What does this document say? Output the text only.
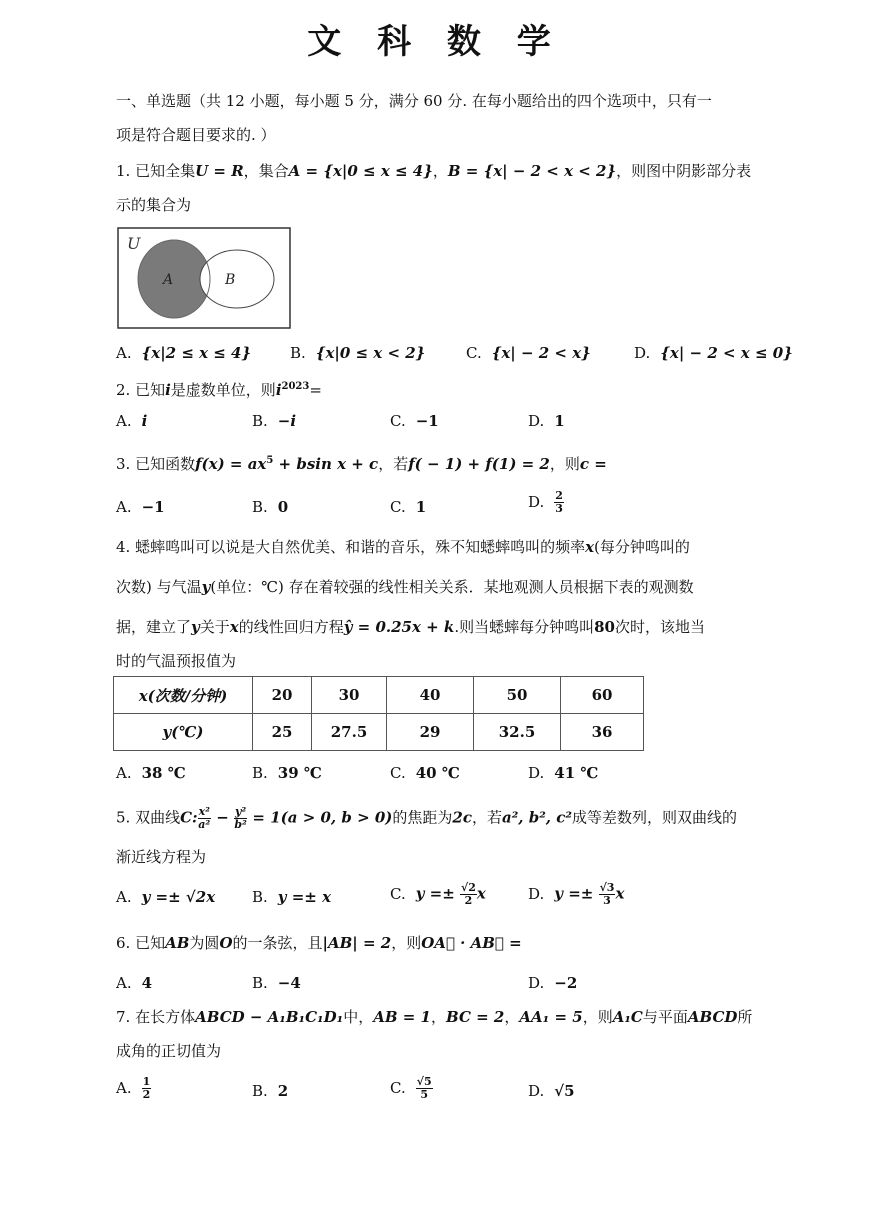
文 科 数 学
一、单选题（共 12 小题，每小题 5 分，满分 60 分. 在每小题给出的四个选项中，只有一
项是符合题目要求的. ）
1. 已知全集U = R，集合A = {x|0 ≤ x ≤ 4}，B = {x| − 2 < x < 2}，则图中阴影部分表
示的集合为
U
A	B
A. {x|2 ≤ x ≤ 4}	B. {x|0 ≤ x < 2}	C. {x| − 2 < x}	D. {x| − 2 < x ≤ 0}
2. 已知i是虚数单位，则$i^{2023}=$
A. i	B. −i	C. −1	D. 1
3. 已知函数$f(x) = ax^5 + bsin$ x + c，若f( − 1) + f(1) = 2，则c =
A. −1	B. 0	C. 1	D. $\frac{2}{3}$
4. 蟋蟀鸣叫可以说是大自然优美、和谐的音乐，殊不知蟋蟀鸣叫的频率x(每分钟鸣叫的
次数) 与气温y(单位：℃) 存在着较强的线性相关关系．某地观测人员根据下表的观测数
据，建立了y关于x的线性回归方程ŷ = 0.25x + k.则当蟋蟀每分钟鸣叫80次时，该地当
时的气温预报值为
x(次数/分钟)	20	30	40	50	60
y(℃)	25	27.5	29	32.5	36
A. 38 ℃	B. 39 ℃	C. 40 ℃	D. 41 ℃
5. 双曲线C: $\frac{\text{x²}}{\text{a²}} - \frac{\text{y²}}{\text{b²}} = 1(a > 0$, b > 0)的焦距为2c，若a², b², c²成等差数列，则双曲线的
渐近线方程为
A. y =± √2x B. y =± x	C. $y =\pm \frac{√2}{2}$ x	D. $y =\pm \frac{√3}{3}$ x
6. 已知AB为圆O的一条弦，且|AB| = 2，则OA⃗ · AB⃗ =
A. 4	B. −4	D. −2
7. 在长方体ABCD − A₁B₁C₁D₁中，AB = 1，BC = 2，AA₁ = 5，则A₁C与平面ABCD所
成角的正切值为
A. $\frac{1}{2}$	B. 2	C. $\frac{√5}{5}$	D. √5
